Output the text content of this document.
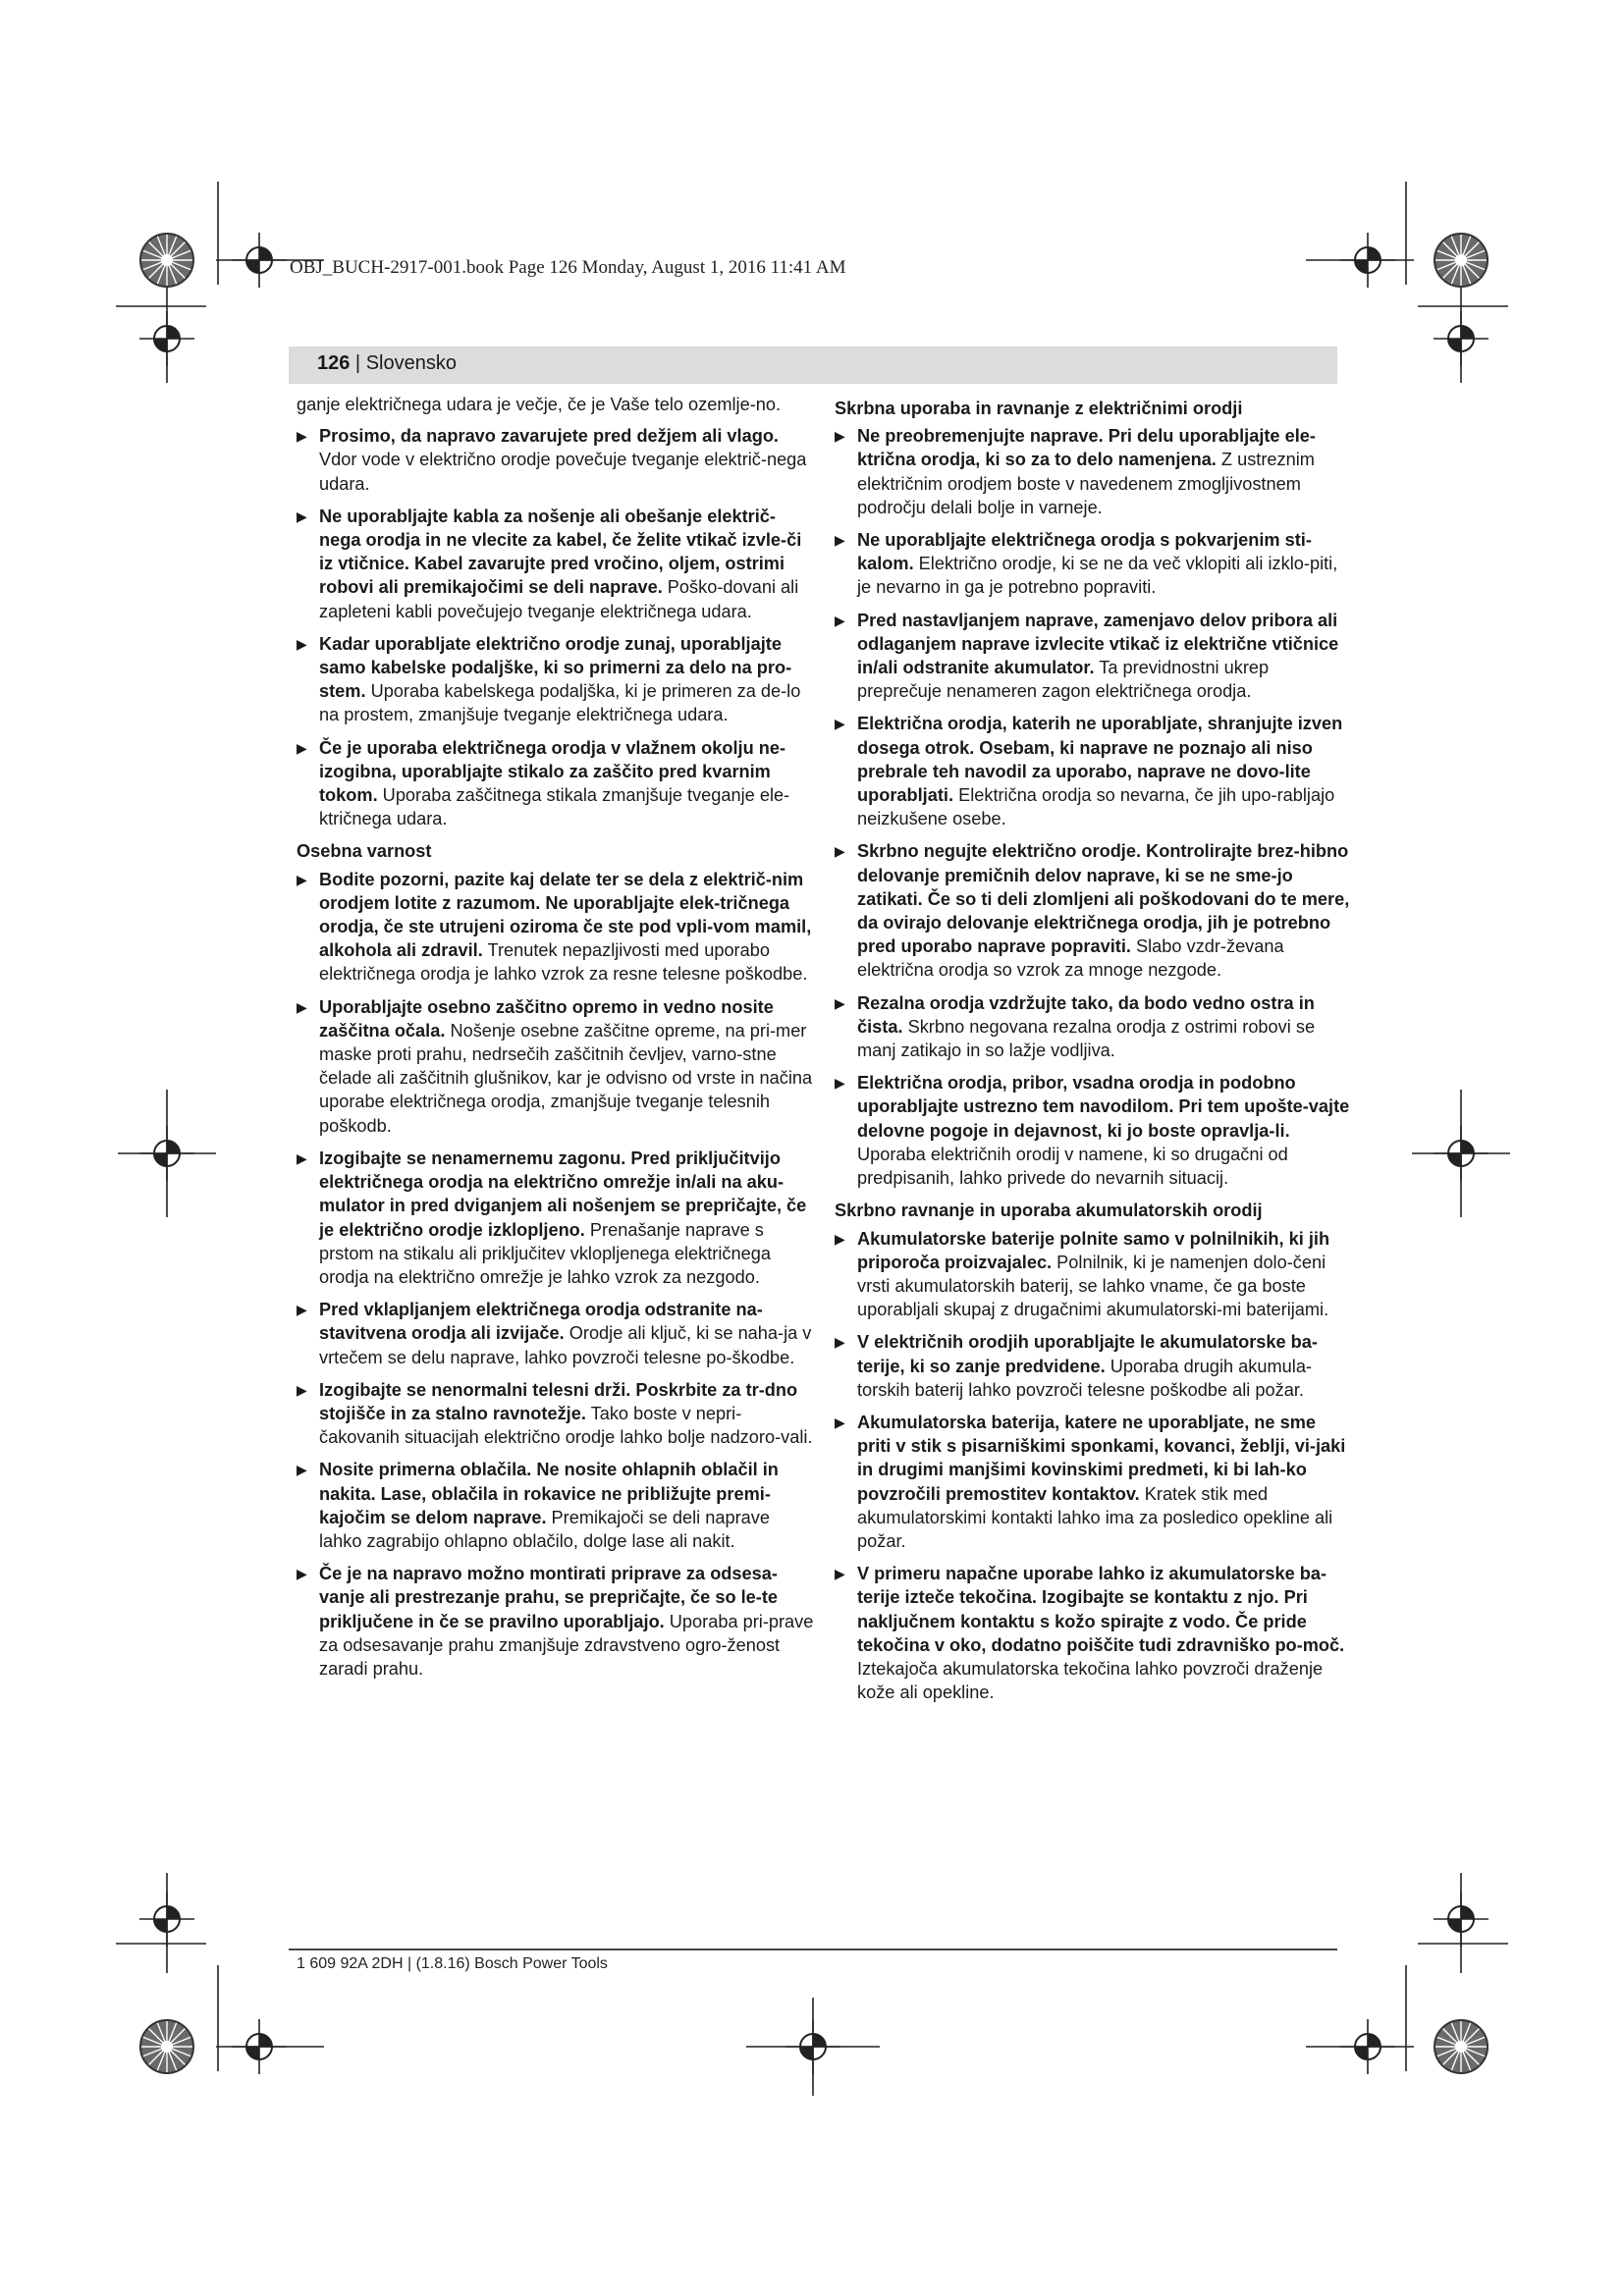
OBJ_BUCH-2917-001.book Page 126 Monday, August 1, 2016 11:41 AM
126 | Slovensko

ganje električnega udara je večje, če je Vaše telo ozemlje-no.

▶ Prosimo, da napravo zavarujete pred dežjem ali vlago. Vdor vode v električno orodje povečuje tveganje električ-nega udara.
▶ Ne uporabljajte kabla za nošenje ali obešanje električ-nega orodja in ne vlecite za kabel, če želite vtikač izvle-či iz vtičnice. Kabel zavarujte pred vročino, oljem, ostrimi robovi ali premikajočimi se deli naprave. Poško-dovani ali zapleteni kabli povečujejo tveganje električnega udara.
▶ Kadar uporabljate električno orodje zunaj, uporabljajte samo kabelske podaljške, ki so primerni za delo na pro-stem. Uporaba kabelskega podaljška, ki je primeren za de-lo na prostem, zmanjšuje tveganje električnega udara.
▶ Če je uporaba električnega orodja v vlažnem okolju ne-izogibna, uporabljajte stikalo za zaščito pred kvarnim tokom. Uporaba zaščitnega stikala zmanjšuje tveganje ele-ktričnega udara.
Osebna varnost
▶ Bodite pozorni, pazite kaj delate ter se dela z električ-nim orodjem lotite z razumom. Ne uporabljajte elek-tričnega orodja, če ste utrujeni oziroma če ste pod vpli-vom mamil, alkohola ali zdravil. Trenutek nepazljivosti med uporabo električnega orodja je lahko vzrok za resne telesne poškodbe.
▶ Uporabljajte osebno zaščitno opremo in vedno nosite zaščitna očala. Nošenje osebne zaščitne opreme, na pri-mer maske proti prahu, nedrsečih zaščitnih čevljev, varno-stne čelade ali zaščitnih glušnikov, kar je odvisno od vrste in načina uporabe električnega orodja, zmanjšuje tveganje telesnih poškodb.
▶ Izogibajte se nenamernemu zagonu. Pred priključitvijo električnega orodja na električno omrežje in/ali na aku-mulator in pred dviganjem ali nošenjem se prepričajte, če je električno orodje izklopljeno. Prenašanje naprave s prstom na stikalu ali priključitev vklopljenega električnega orodja na električno omrežje je lahko vzrok za nezgodo.
▶ Pred vklapljanjem električnega orodja odstranite na-stavitvena orodja ali izvijače. Orodje ali ključ, ki se naha-ja v vrtečem se delu naprave, lahko povzroči telesne po-škodbe.
▶ Izogibajte se nenormalni telesni drži. Poskrbite za tr-dno stojišče in za stalno ravnotežje. Tako boste v nepri-čakovanih situacijah električno orodje lahko bolje nadzoro-vali.
▶ Nosite primerna oblačila. Ne nosite ohlapnih oblačil in nakita. Lase, oblačila in rokavice ne približujte premi-kajočim se delom naprave. Premikajoči se deli naprave lahko zagrabijo ohlapno oblačilo, dolge lase ali nakit.
▶ Če je na napravo možno montirati priprave za odsesa-vanje ali prestrezanje prahu, se prepričajte, če so le-te priključene in če se pravilno uporabljajo. Uporaba pri-prave za odsesavanje prahu zmanjšuje zdravstveno ogro-ženost zaradi prahu.
Skrbna uporaba in ravnanje z električnimi orodji
▶ Ne preobremenjujte naprave. Pri delu uporabljajte ele-ktrična orodja, ki so za to delo namenjena. Z ustreznim električnim orodjem boste v navedenem zmogljivostnem področju delali bolje in varneje.
▶ Ne uporabljajte električnega orodja s pokvarjenim sti-kalom. Električno orodje, ki se ne da več vklopiti ali izklo-piti, je nevarno in ga je potrebno popraviti.
▶ Pred nastavljanjem naprave, zamenjavo delov pribora ali odlaganjem naprave izvlecite vtikač iz električne vtičnice in/ali odstranite akumulator. Ta previdnostni ukrep preprečuje nenameren zagon električnega orodja.
▶ Električna orodja, katerih ne uporabljate, shranjujte izven dosega otrok. Osebam, ki naprave ne poznajo ali niso prebrale teh navodil za uporabo, naprave ne dovo-lite uporabljati. Električna orodja so nevarna, če jih upo-rabljajo neizkušene osebe.
▶ Skrbno negujte električno orodje. Kontrolirajte brez-hibno delovanje premičnih delov naprave, ki se ne sme-jo zatikati. Če so ti deli zlomljeni ali poškodovani do te mere, da ovirajo delovanje električnega orodja, jih je potrebno pred uporabo naprave popraviti. Slabo vzdr-ževana električna orodja so vzrok za mnoge nezgode.
▶ Rezalna orodja vzdržujte tako, da bodo vedno ostra in čista. Skrbno negovana rezalna orodja z ostrimi robovi se manj zatikajo in so lažje vodljiva.
▶ Električna orodja, pribor, vsadna orodja in podobno uporabljajte ustrezno tem navodilom. Pri tem upošte-vajte delovne pogoje in dejavnost, ki jo boste opravlja-li. Uporaba električnih orodij v namene, ki so drugačni od predpisanih, lahko privede do nevarnih situacij.
Skrbno ravnanje in uporaba akumulatorskih orodij
▶ Akumulatorske baterije polnite samo v polnilnikih, ki jih priporoča proizvajalec. Polnilnik, ki je namenjen dolo-čeni vrsti akumulatorskih baterij, se lahko vname, če ga boste uporabljali skupaj z drugačnimi akumulatorski-mi baterijami.
▶ V električnih orodjih uporabljajte le akumulatorske ba-terije, ki so zanje predvidene. Uporaba drugih akumula-torskih baterij lahko povzroči telesne poškodbe ali požar.
▶ Akumulatorska baterija, katere ne uporabljate, ne sme priti v stik s pisarniškimi sponkami, kovanci, žeblji, vi-jaki in drugimi manjšimi kovinskimi predmeti, ki bi lah-ko povzročili premostitev kontaktov. Kratek stik med akumulatorskimi kontakti lahko ima za posledico opekline ali požar.
▶ V primeru napačne uporabe lahko iz akumulatorske ba-terije izteče tekočina. Izogibajte se kontaktu z njo. Pri naključnem kontaktu s kožo spirajte z vodo. Če pride tekočina v oko, dodatno poiščite tudi zdravniško po-moč. Iztekajoča akumulatorska tekočina lahko povzroči draženje kože ali opekline.
1 609 92A 2DH | (1.8.16) Bosch Power Tools
